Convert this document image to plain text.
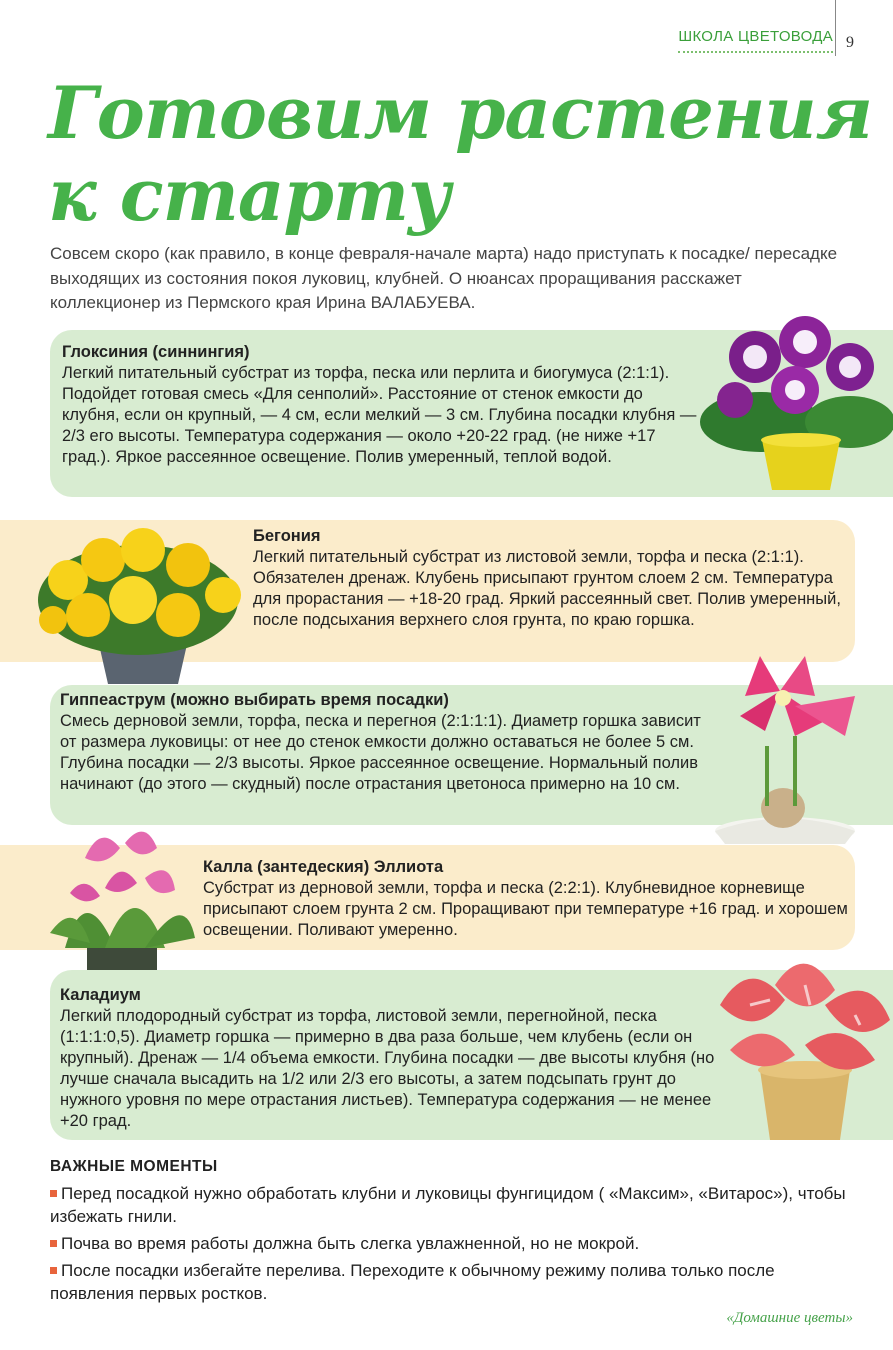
ШКОЛА ЦВЕТОВОДА 9
Готовим растения
к старту

Совсем скоро (как правило, в конце февраля-начале марта) надо приступать к посадке/ пересадке выходящих из состояния покоя луковиц, клубней. О нюансах проращивания расскажет коллекционер из Пермского края Ирина ВАЛАБУЕВА.

Глоксиния (синнингия)

Легкий питательный субстрат из торфа, песка или перлита и биогумуса (2:1:1). Подойдет готовая смесь «Для сенполий». Расстояние от стенок емкости до клубня, если он крупный, — 4 см, если мелкий — 3 см. Глубина посадки клубня — 2/3 его высоты. Температура содержания — около +20-22 град. (не ниже +17 град.). Яркое рассеянное освещение. Полив умеренный, теплой водой.

Бегония

Легкий питательный субстрат из листовой земли, торфа и песка (2:1:1). Обязателен дренаж. Клубень присыпают грунтом слоем 2 см. Температура для прорастания — +18-20 град. Яркий рассеянный свет. Полив умеренный, после подсыхания верхнего слоя грунта, по краю горшка.

Гиппеаструм (можно выбирать время посадки)

Смесь дерновой земли, торфа, песка и перегноя (2:1:1:1). Диаметр горшка зависит от размера луковицы: от нее до стенок емкости должно оставаться не более 5 см. Глубина посадки — 2/3 высоты. Яркое рассеянное освещение. Нормальный полив начинают (до этого — скудный) после отрастания цветоноса примерно на 10 см.

Калла (зантедеския) Эллиота

Субстрат из дерновой земли, торфа и песка (2:2:1). Клубневидное корневище присыпают слоем грунта 2 см. Проращивают при температуре +16 град. и хорошем освещении. Поливают умеренно.

Каладиум

Легкий плодородный субстрат из торфа, листовой земли, перегнойной, песка (1:1:1:0,5). Диаметр горшка — примерно в два раза больше, чем клубень (если он крупный). Дренаж — 1/4 объема емкости. Глубина посадки — две высоты клубня (но лучше сначала высадить на 1/2 или 2/3 его высоты, а затем подсыпать грунт до нужного уровня по мере отрастания листьев). Температура содержания — не менее +20 град.

ВАЖНЫЕ МОМЕНТЫ
Перед посадкой нужно обработать клубни и луковицы фунгицидом ( «Максим», «Витарос»), чтобы избежать гнили.
Почва во время работы должна быть слегка увлажненной, но не мокрой.
После посадки избегайте перелива. Переходите к обычному режиму полива только после появления первых ростков.
«Домашние цветы»
